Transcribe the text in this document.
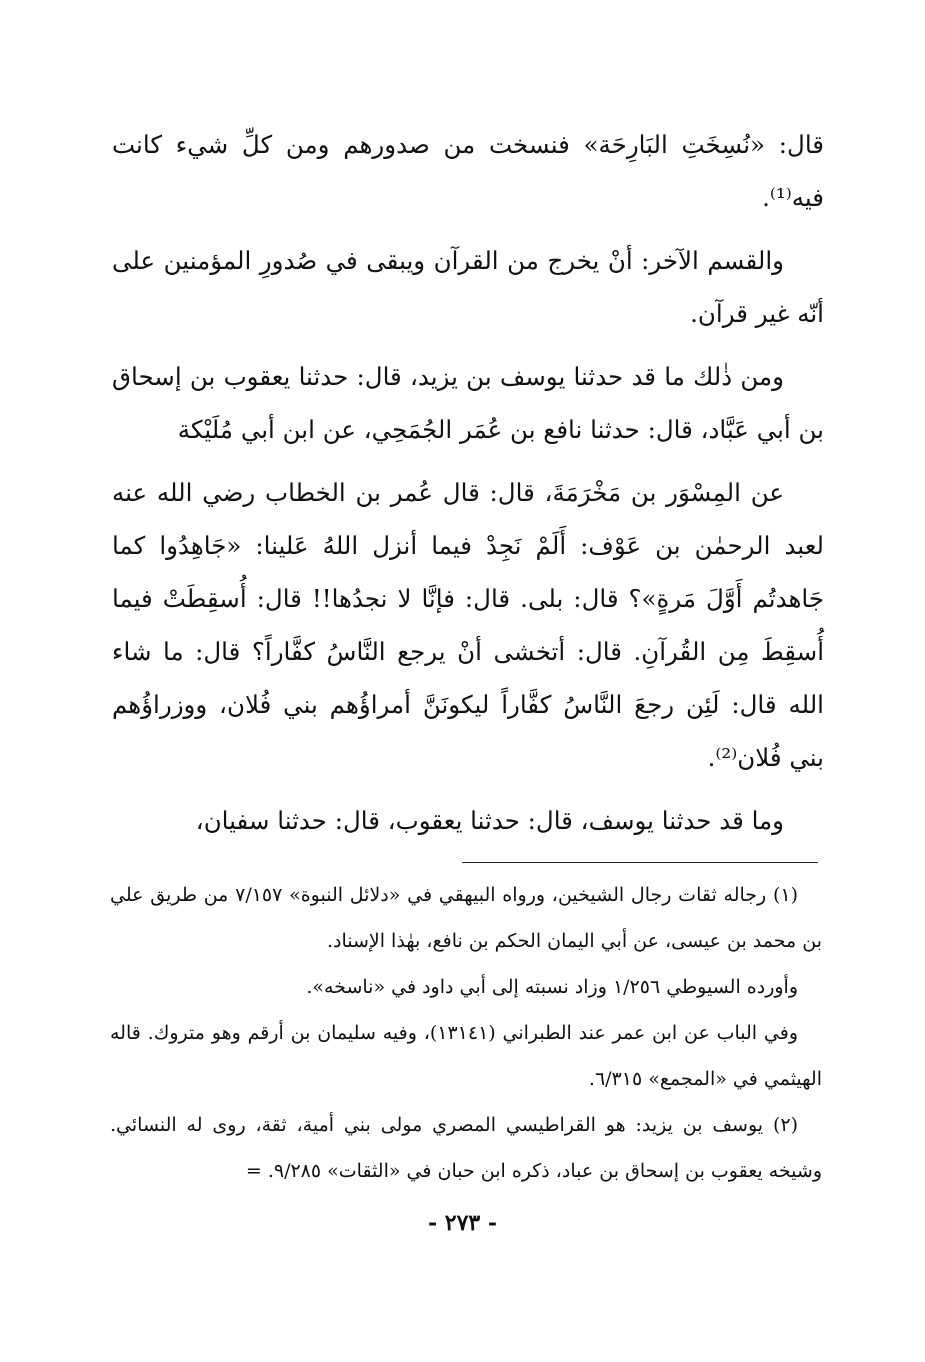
قال: «نُسِخَتِ البَارِحَة» فنسخت من صدورهم ومن كلِّ شيء كانت فيه⁽¹⁾.

والقسم الآخر: أنْ يخرج من القرآن ويبقى في صُدورِ المؤمنين على أنّه غير قرآن.

ومن ذٰلك ما قد حدثنا يوسف بن يزيد، قال: حدثنا يعقوب بن إسحاق بن أبي عَبَّاد، قال: حدثنا نافع بن عُمَر الجُمَحِي، عن ابن أبي مُلَيْكة

عن المِسْوَر بن مَخْرَمَةَ، قال: قال عُمر بن الخطاب رضي الله عنه لعبد الرحمٰن بن عَوْف: أَلَمْ نَجِدْ فيما أنزل اللهُ عَلينا: «جَاهِدُوا كما جَاهدتُم أَوَّلَ مَرةٍ»؟ قال: بلى. قال: فإنَّا لا نجدُها!! قال: أُسقِطَتْ فيما أُسقِطَ مِن القُرآنِ. قال: أتخشى أنْ يرجع النَّاسُ كفَّاراً؟ قال: ما شاء الله قال: لَئِن رجعَ النَّاسُ كفَّاراً ليكونَنَّ أمراؤُهم بني فُلان، ووزراؤُهم بني فُلان⁽²⁾.

وما قد حدثنا يوسف، قال: حدثنا يعقوب، قال: حدثنا سفيان،

(١) رجاله ثقات رجال الشيخين، ورواه البيهقي في «دلائل النبوة» ٧/١٥٧ من طريق علي بن محمد بن عيسى، عن أبي اليمان الحكم بن نافع، بهٰذا الإسناد.

وأورده السيوطي ١/٢٥٦ وزاد نسبته إلى أبي داود في «ناسخه».

وفي الباب عن ابن عمر عند الطبراني (١٣١٤١)، وفيه سليمان بن أرقم وهو متروك. قاله الهيثمي في «المجمع» ٦/٣١٥.

(٢) يوسف بن يزيد: هو القراطيسي المصري مولى بني أمية، ثقة، روى له النسائي. وشيخه يعقوب بن إسحاق بن عباد، ذكره ابن حبان في «الثقات» ٩/٢٨٥. =

- ٢٧٣ -
